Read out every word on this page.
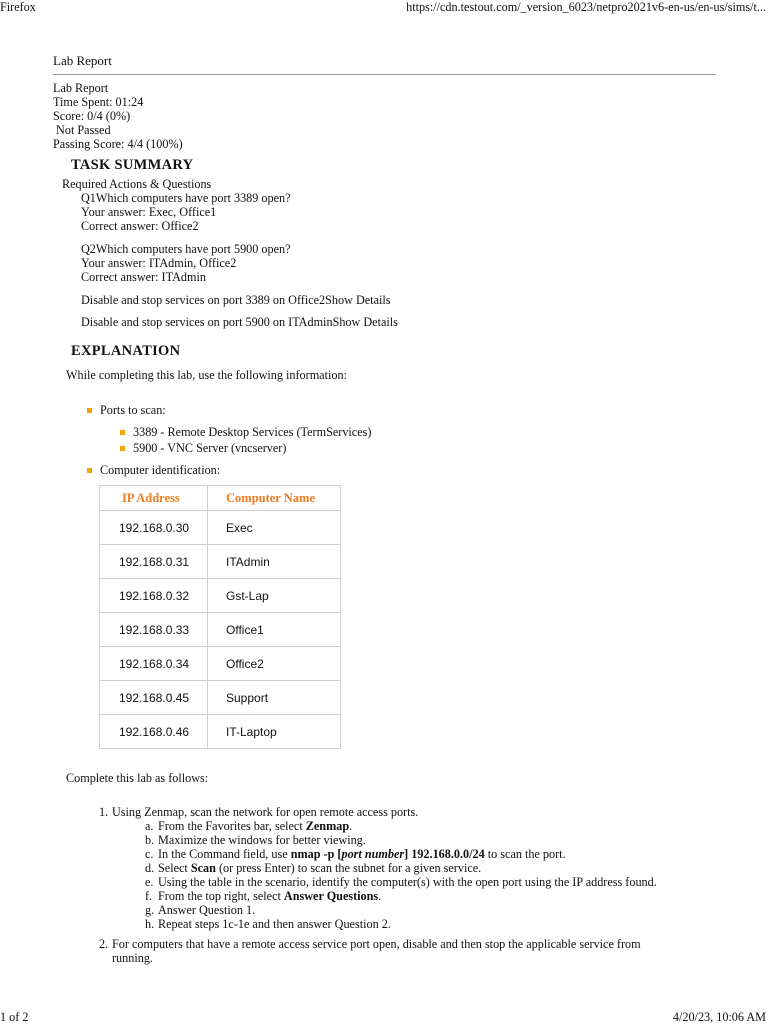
Firefox	https://cdn.testout.com/_version_6023/netpro2021v6-en-us/en-us/sims/t...
1 of 2	4/20/23, 10:06 AM
Lab Report
Lab Report
Time Spent: 01:24
Score: 0/4 (0%)
Not Passed
Passing Score: 4/4 (100%)
TASK SUMMARY
Required Actions & Questions
Q1Which computers have port 3389 open?
Your answer: Exec, Office1
Correct answer: Office2
Q2Which computers have port 5900 open?
Your answer: ITAdmin, Office2
Correct answer: ITAdmin
Disable and stop services on port 3389 on Office2Show Details
Disable and stop services on port 5900 on ITAdminShow Details
EXPLANATION
While completing this lab, use the following information:
Ports to scan:
3389 - Remote Desktop Services (TermServices)
5900 - VNC Server (vncserver)
Computer identification:
IP Address	Computer Name
192.168.0.30	Exec
192.168.0.31	ITAdmin
192.168.0.32	Gst-Lap
192.168.0.33	Office1
192.168.0.34	Office2
192.168.0.45	Support
192.168.0.46	IT-Laptop
Complete this lab as follows:
1. Using Zenmap, scan the network for open remote access ports.
a. From the Favorites bar, select Zenmap.
b. Maximize the windows for better viewing.
c. In the Command field, use nmap -p [port number] 192.168.0.0/24 to scan the port.
d. Select Scan (or press Enter) to scan the subnet for a given service.
e. Using the table in the scenario, identify the computer(s) with the open port using the IP address found.
f. From the top right, select Answer Questions.
g. Answer Question 1.
h. Repeat steps 1c-1e and then answer Question 2.
2. For computers that have a remote access service port open, disable and then stop the applicable service from
running.
